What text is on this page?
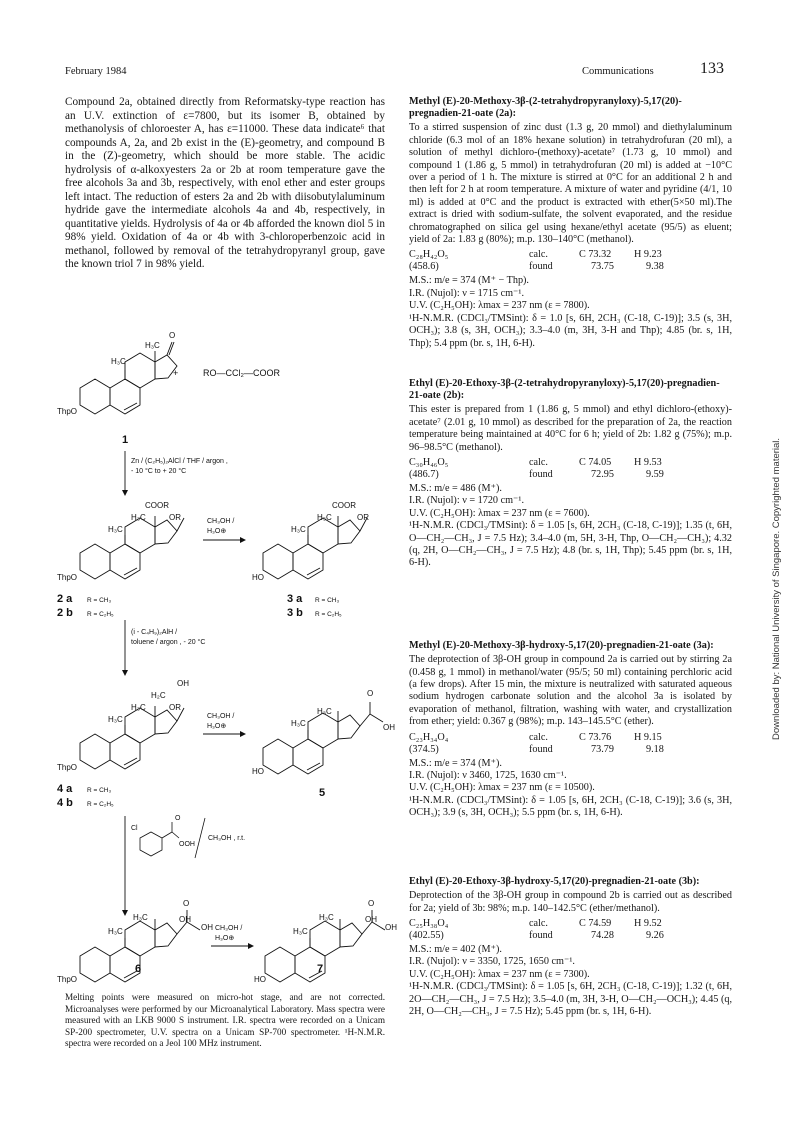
February 1984	Communications	133
Compound 2a, obtained directly from Reformatsky-type reaction has an U.V. extinction of ε=7800, but its isomer B, obtained by methanolysis of chloroester A, has ε=11000. These data indicate⁶ that compounds A, 2a, and 2b exist in the (E)-geometry, and compound B in the (Z)-geometry, which should be more stable. The acidic hydrolysis of α-alkoxyesters 2a or 2b at room temperature gave the free alcohols 3a and 3b, respectively, with enol ether and ester groups left intact. The reduction of esters 2a and 2b with diisobutylaluminum hydride gave the intermediate alcohols 4a and 4b, respectively, in quantitative yields. Hydrolysis of 4a or 4b afforded the known diol 5 in 98% yield. Oxidation of 4a or 4b with 3-chloroperbenzoic acid in methanol, followed by removal of the tetrahydropyranyl group, gave the known triol 7 in 98% yield.
O
H₃C
H₃C
ThpO
+	RO—CCl₂—COOR
1
Zn / (C₂H₅)₂AlCl / THF / argon ,
- 10 °C to + 20 °C
COOR
OR
H₃C
H₃C
ThpO
2 a R = CH₃
2 b R = C₂H₅
CH₃OH /
H₃O⊕
COOR
OR
H₃C
H₃C
HO
3 a R = CH₃
3 b R = C₂H₅
(i - C₄H₉)₂AlH /
toluene / argon , - 20 °C
OH
H₂C
OR
H₃C
H₃C
ThpO
4 a R = CH₃
4 b R = C₂H₅
CH₃OH /
H₃O⊕
O
OH
H₃C
H₃C
HO
5
Cl
O
OOH
CH₃OH , r.t.
O
OH
OH
H₃C
H₃C
ThpO
6
CH₃OH /
H₃O⊕
O
OH
OH
H₃C
H₃C
HO
7
Melting points were measured on micro-hot stage, and are not corrected. Microanalyses were performed by our Microanalytical Laboratory. Mass spectra were measured with an LKB 9000 S instrument. I.R. spectra were recorded on a Unicam SP-200 spectrometer, U.V. spectra on a Unicam SP-700 spectrometer. ¹H-N.M.R. spectra were recorded on a Jeol 100 MHz instrument.
Methyl (E)-20-Methoxy-3β-(2-tetrahydropyranyloxy)-5,17(20)-pregnadien-21-oate (2a):

To a stirred suspension of zinc dust (1.3 g, 20 mmol) and diethylaluminum chloride (6.3 mol of an 18% hexane solution) in tetrahydrofuran (20 ml), a solution of methyl dichloro-(methoxy)-acetate⁷ (1.73 g, 10 mmol) and compound 1 (1.86 g, 5 mmol) in tetrahydrofuran (20 ml) is added at −10°C over a period of 1 h. The mixture is stirred at 0°C for an additional 2 h and then left for 2 h at room temperature. A mixture of water and pyridine (4/1, 10 ml) is added at 0°C and the product is extracted with ether(5×50 ml).The extract is dried with sodium-sulfate, the solvent evaporated, and the residue chromatographed on silica gel using hexane/ethyl acetate (95/5) as eluent; yield of 2a: 1.83 g (80%); m.p. 130–140°C (methanol).

C₂₈H₄₂O₅	calc.	C 73.32	H 9.23
(458.6)	found	73.75	9.38

M.S.: m/e = 374 (M⁺ − Thp).

I.R. (Nujol): ν = 1715 cm⁻¹.

U.V. (C₂H₅OH): λmax = 237 nm (ε = 7800).

¹H-N.M.R. (CDCl₃/TMSint): δ = 1.0 [s, 6H, 2CH₃ (C-18, C-19)]; 3.5 (s, 3H, OCH₃); 3.8 (s, 3H, OCH₃); 3.3–4.0 (m, 3H, 3-H and Thp); 4.85 (br. s, 1H, Thp); 5.4 ppm (br. s, 1H, 6-H).

Ethyl (E)-20-Ethoxy-3β-(2-tetrahydropyranyloxy)-5,17(20)-pregnadien-21-oate (2b):

This ester is prepared from 1 (1.86 g, 5 mmol) and ethyl dichloro-(ethoxy)-acetate⁷ (2.01 g, 10 mmol) as described for the preparation of 2a, the reaction temperature being maintained at 40°C for 6 h; yield of 2b: 1.82 g (75%); m.p. 96–98.5°C (methanol).

C₃₀H₄₆O₅	calc.	C 74.05	H 9.53
(486.7)	found	72.95	9.59

M.S.: m/e = 486 (M⁺).

I.R. (Nujol): ν = 1720 cm⁻¹.

U.V. (C₂H₅OH): λmax = 237 nm (ε = 7600).

¹H-N.M.R. (CDCl₃/TMSint): δ = 1.05 [s, 6H, 2CH₃ (C-18, C-19)]; 1.35 (t, 6H, O—CH₂—CH₃, J = 7.5 Hz); 3.4–4.0 (m, 5H, 3-H, Thp, O—CH₂—CH₃); 4.32 (q, 2H, O—CH₂—CH₃, J = 7.5 Hz); 4.8 (br. s, 1H, Thp); 5.45 ppm (br. s, 1H, 6-H).

Methyl (E)-20-Methoxy-3β-hydroxy-5,17(20)-pregnadien-21-oate (3a):

The deprotection of 3β-OH group in compound 2a is carried out by stirring 2a (0.458 g, 1 mmol) in methanol/water (95/5; 50 ml) containing perchloric acid (a few drops). After 15 min, the mixture is neutralized with saturated aqueous sodium hydrogen carbonate solution and the alcohol 3a is isolated by evaporation of methanol, filtration, washing with water, and crystallization from ether; yield: 0.367 g (98%); m.p. 143–145.5°C (ether).

C₂₃H₃₄O₄	calc.	C 73.76	H 9.15
(374.5)	found	73.79	9.18

M.S.: m/e = 374 (M⁺).

I.R. (Nujol): ν 3460, 1725, 1630 cm⁻¹.

U.V. (C₂H₅OH): λmax = 237 nm (ε = 10500).

¹H-N.M.R. (CDCl₃/TMSint): δ = 1.05 [s, 6H, 2CH₃ (C-18, C-19)]; 3.6 (s, 3H, OCH₃); 3.9 (s, 3H, OCH₃); 5.5 ppm (br. s, 1H, 6-H).

Ethyl (E)-20-Ethoxy-3β-hydroxy-5,17(20)-pregnadien-21-oate (3b):

Deprotection of the 3β-OH group in compound 2b is carried out as described for 2a; yield of 3b: 98%; m.p. 140–142.5°C (ether/methanol).

C₂₅H₃₈O₄	calc.	C 74.59	H 9.52
(402.55)	found	74.28	9.26

M.S.: m/e = 402 (M⁺).

I.R. (Nujol): ν = 3350, 1725, 1650 cm⁻¹.

U.V. (C₂H₅OH): λmax = 237 nm (ε = 7300).

¹H-N.M.R. (CDCl₃/TMSint): δ = 1.05 [s, 6H, 2CH₃ (C-18, C-19)]; 1.32 (t, 6H, 2O—CH₂—CH₃, J = 7.5 Hz); 3.5–4.0 (m, 3H, 3-H, O—CH₂—OCH₃); 4.45 (q, 2H, O—CH₂—CH₃, J = 7.5 Hz); 5.45 ppm (br. s, 1H, 6-H).

Downloaded by: National University of Singapore. Copyrighted material.
